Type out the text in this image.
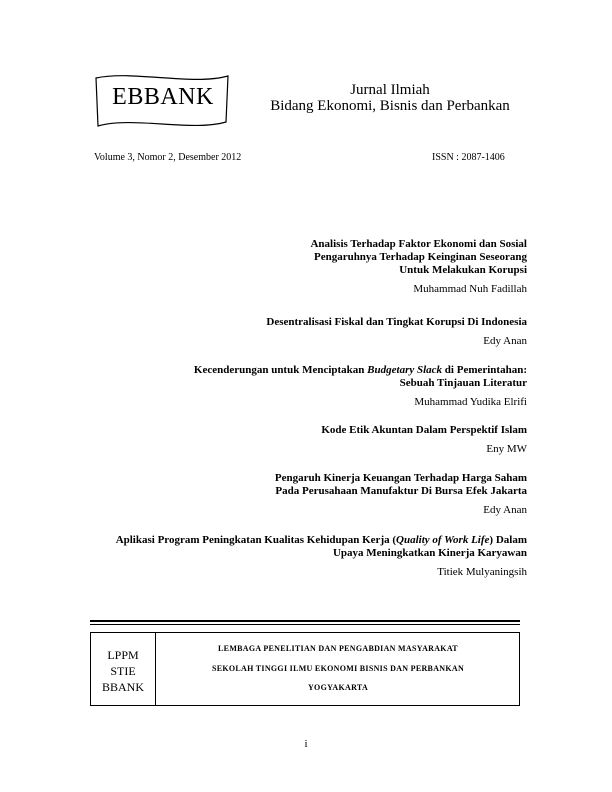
EBBANK	Jurnal Ilmiah
Bidang Ekonomi, Bisnis dan Perbankan
Volume 3, Nomor 2, Desember 2012	ISSN : 2087-1406
Analisis Terhadap Faktor Ekonomi dan Sosial
Pengaruhnya Terhadap Keinginan Seseorang
Untuk Melakukan Korupsi
Muhammad Nuh Fadillah
Desentralisasi Fiskal dan Tingkat Korupsi Di Indonesia
Edy Anan
Kecenderungan untuk Menciptakan Budgetary Slack di Pemerintahan:
Sebuah Tinjauan Literatur
Muhammad Yudika Elrifi
Kode Etik Akuntan Dalam Perspektif Islam
Eny MW
Pengaruh Kinerja Keuangan Terhadap Harga Saham
Pada Perusahaan Manufaktur Di Bursa Efek Jakarta
Edy Anan
Aplikasi Program Peningkatan Kualitas Kehidupan Kerja (Quality of Work Life) Dalam
Upaya Meningkatkan Kinerja Karyawan
Titiek Mulyaningsih
LPPM
STIE
BBANK
LEMBAGA PENELITIAN DAN PENGABDIAN MASYARAKAT
SEKOLAH TINGGI ILMU EKONOMI BISNIS DAN PERBANKAN
YOGYAKARTA
i
